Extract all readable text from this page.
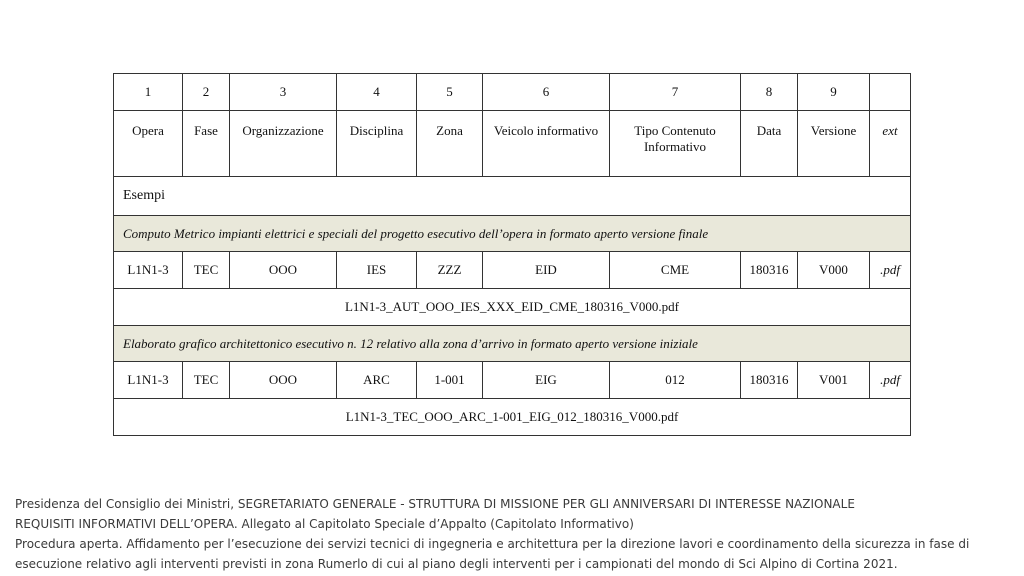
1	2	3	4	5	6	7	8	9	
Opera	Fase	Organizzazione	Disciplina	Zona	Veicolo informativo	Tipo Contenuto Informativo	Data	Versione	ext
Esempi									
Computo Metrico impianti elettrici e speciali del progetto esecutivo dell’opera in formato aperto versione finale									
L1N1-3	TEC	OOO	IES	ZZZ	EID	CME	180316	V000	.pdf
L1N1-3_AUT_OOO_IES_XXX_EID_CME_180316_V000.pdf									
Elaborato grafico architettonico esecutivo n. 12 relativo alla zona d’arrivo in formato aperto versione iniziale									
L1N1-3	TEC	OOO	ARC	1-001	EIG	012	180316	V001	.pdf
L1N1-3_TEC_OOO_ARC_1-001_EIG_012_180316_V000.pdf									

Presidenza del Consiglio dei Ministri, SEGRETARIATO GENERALE - STRUTTURA DI MISSIONE PER GLI ANNIVERSARI DI INTERESSE NAZIONALE

REQUISITI INFORMATIVI DELL’OPERA. Allegato al Capitolato Speciale d’Appalto (Capitolato Informativo)

Procedura aperta. Affidamento per l’esecuzione dei servizi tecnici di ingegneria e architettura per la direzione lavori e coordinamento della sicurezza in fase di esecuzione relativo agli interventi previsti in zona Rumerlo di cui al piano degli interventi per i campionati del mondo di Sci Alpino di Cortina 2021.
